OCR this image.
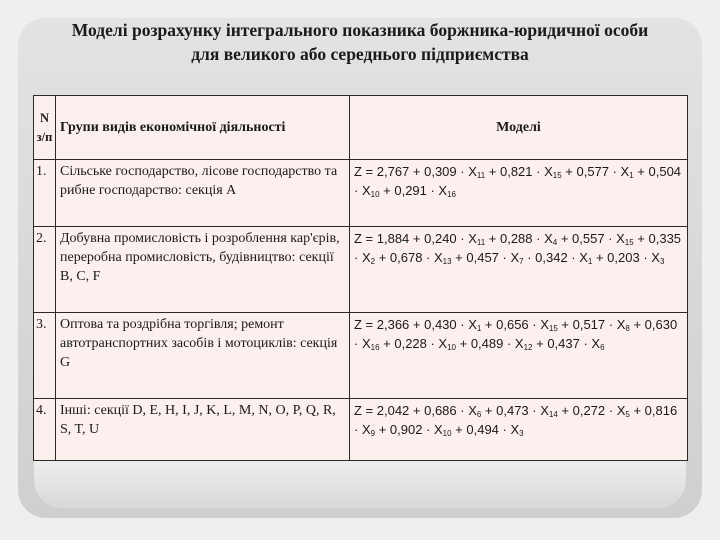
Моделі розрахунку інтегрального показника боржника-юридичної особи для великого або середнього підприємства
N з/п	Групи видів економічної діяльності	Моделі
1.	Сільське господарство, лісове господарство та рибне господарство: секція A	$Z = 2,767 + 0,309 \cdot X_{11} + 0,821 \cdot X_{15} + 0,577 \cdot X_1 + 0,504 \cdot X_{10} + 0,291 \cdot X_{16}$
2.	Добувна промисловість і розроблення кар'єрів, переробна промисловість, будівництво: секції B, C, F	$Z = 1,884 + 0,240 \cdot X_{11} + 0,288 \cdot X_4 + 0,557 \cdot X_{15} + 0,335 \cdot X_2 + 0,678 \cdot X_{13} + 0,457 \cdot X_7 \cdot 0,342 \cdot X_1 + 0,203 \cdot X_3$
3.	Оптова та роздрібна торгівля; ремонт автотранспортних засобів і мотоциклів: секція G	$Z = 2,366 + 0,430 \cdot X_1 + 0,656 \cdot X_{15} + 0,517 \cdot X_8 + 0,630 \cdot X_{16} + 0,228 \cdot X_{10} + 0,489 \cdot X_{12} + 0,437 \cdot X_6$
4.	Інші: секції D, E, H, I, J, K, L, M, N, O, P, Q, R, S, T, U	$Z = 2,042 + 0,686 \cdot X_6 + 0,473 \cdot X_{14} + 0,272 \cdot X_5 + 0,816 \cdot X_9 + 0,902 \cdot X_{10} + 0,494 \cdot X_3$
